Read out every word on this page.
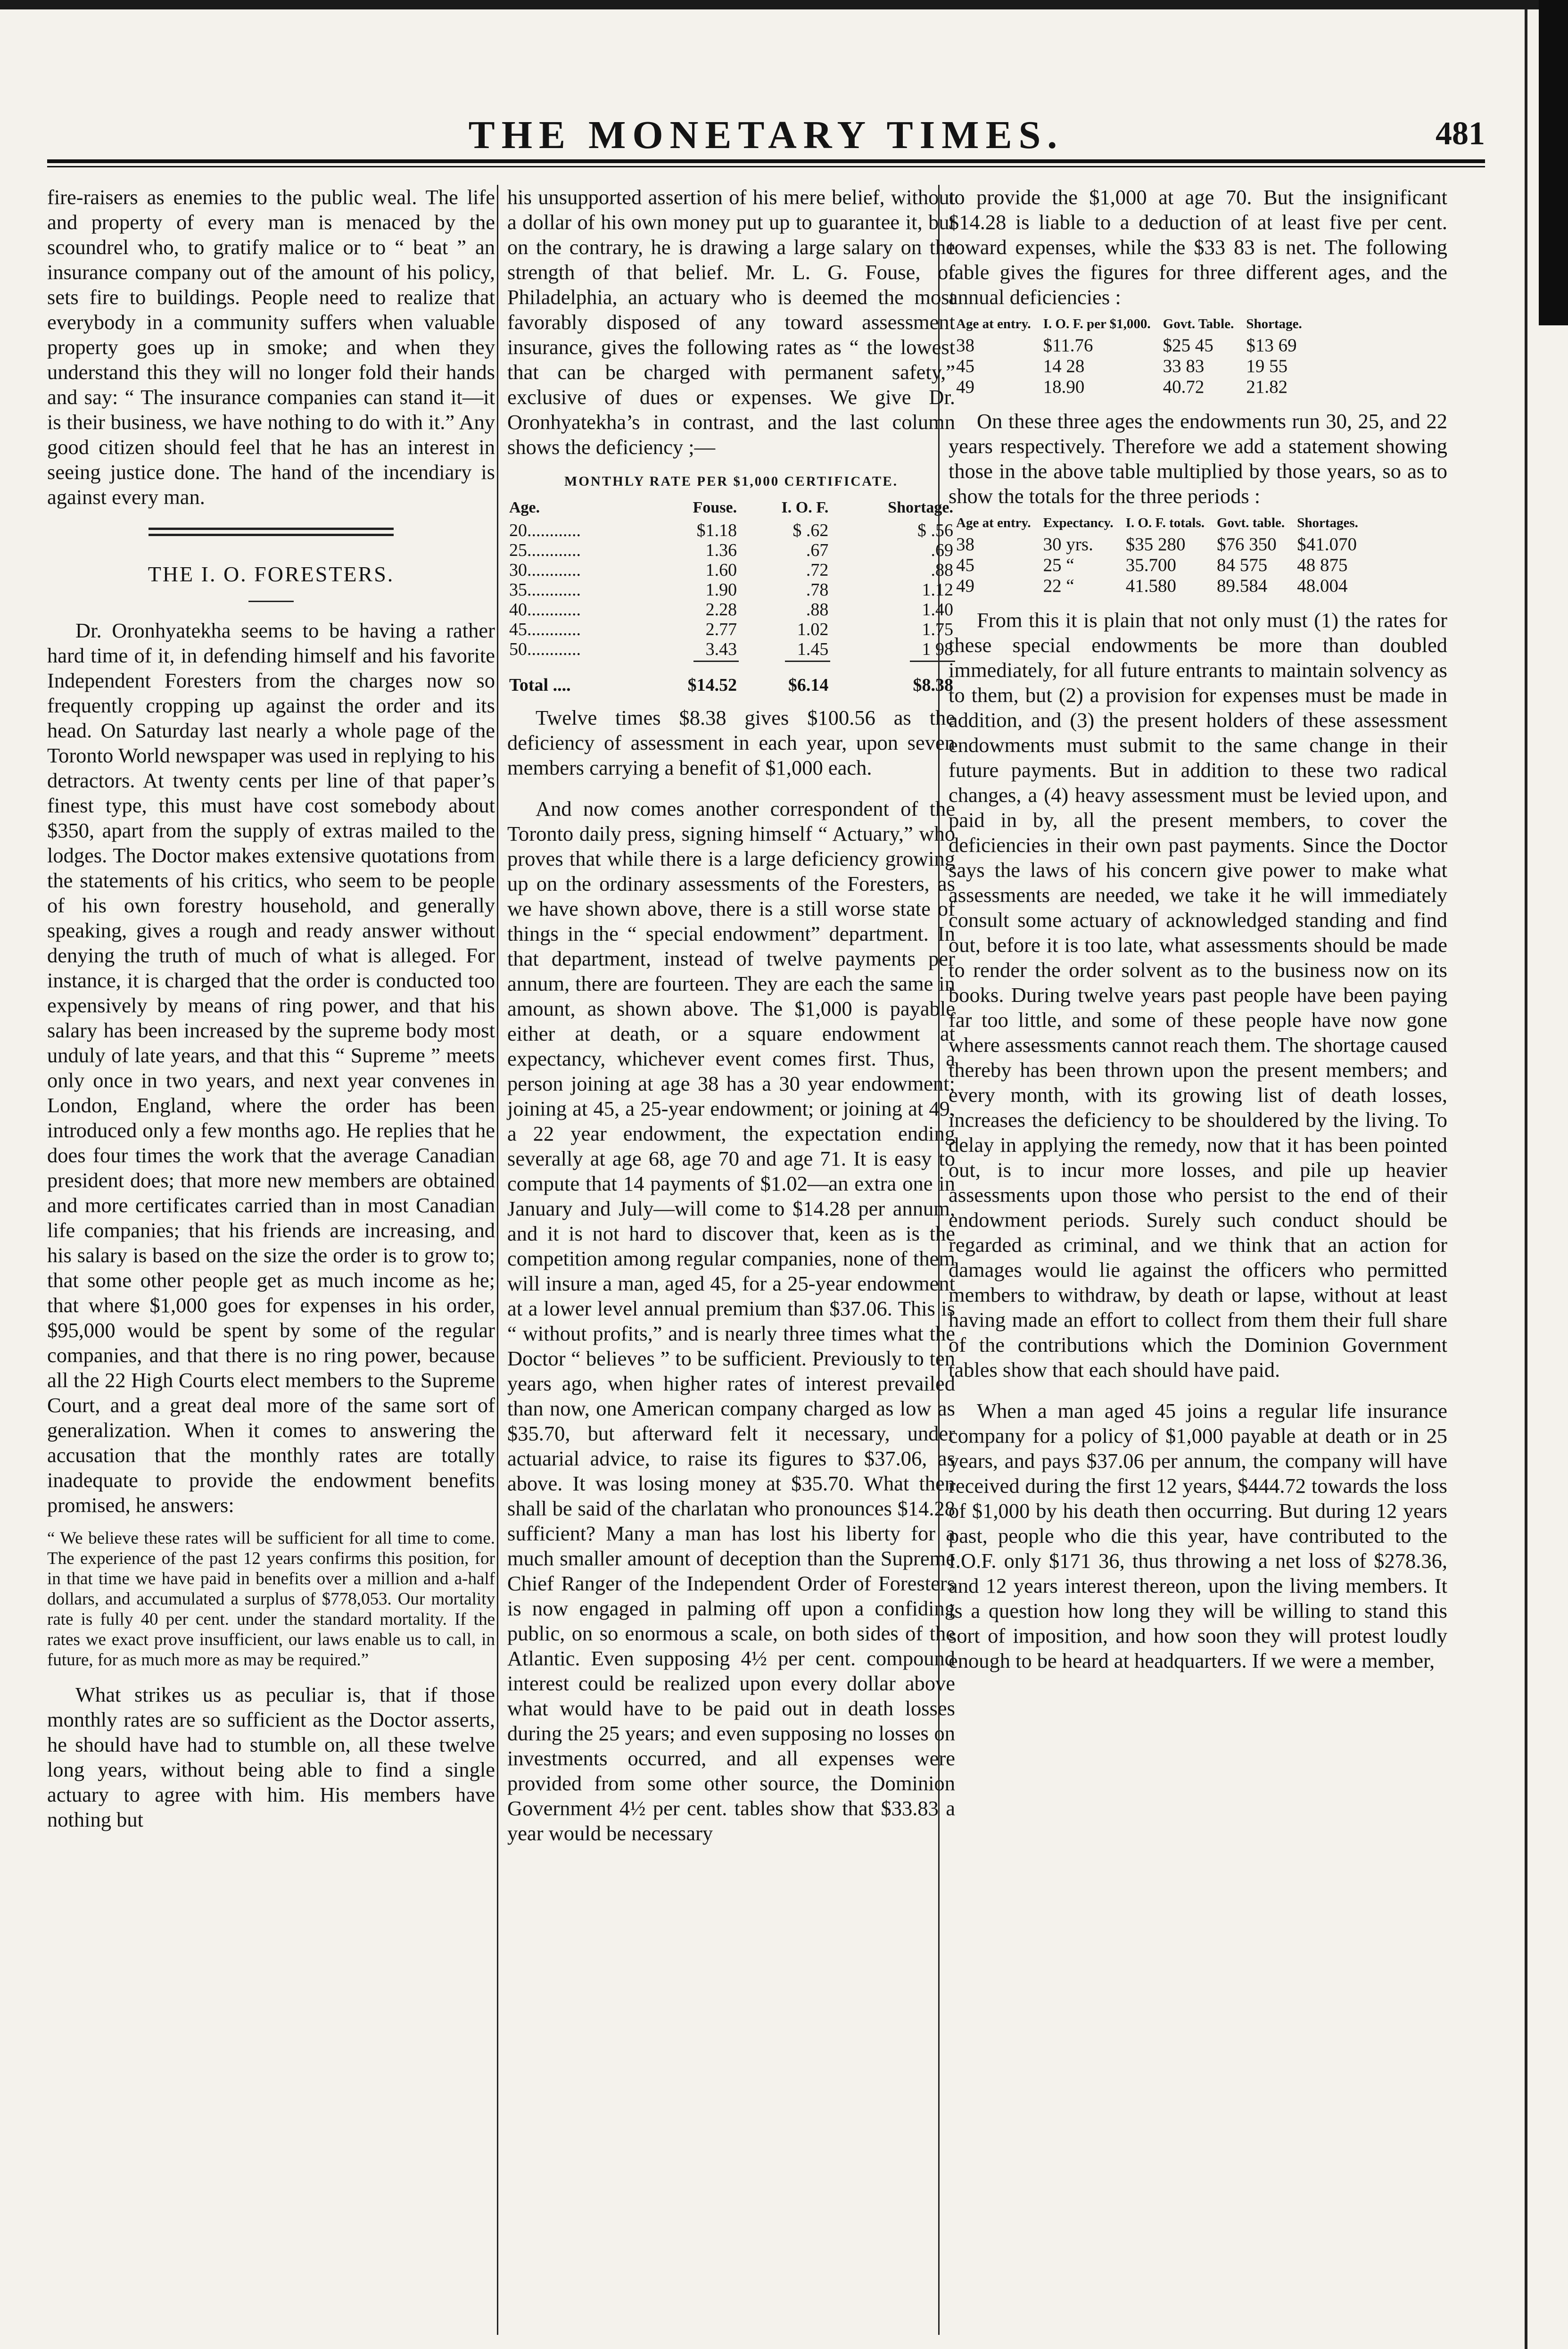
THE MONETARY TIMES.	481

fire-raisers as enemies to the public weal. The life and property of every man is menaced by the scoundrel who, to gratify malice or to “ beat ” an insurance company out of the amount of his policy, sets fire to buildings. People need to realize that everybody in a community suffers when valuable property goes up in smoke; and when they understand this they will no longer fold their hands and say: “ The insurance companies can stand it—it is their business, we have nothing to do with it.” Any good citizen should feel that he has an interest in seeing justice done. The hand of the incendiary is against every man.

THE I. O. FORESTERS.

Dr. Oronhyatekha seems to be having a rather hard time of it, in defending himself and his favorite Independent Foresters from the charges now so frequently cropping up against the order and its head. On Saturday last nearly a whole page of the Toronto World newspaper was used in replying to his detractors. At twenty cents per line of that paper’s finest type, this must have cost somebody about $350, apart from the supply of extras mailed to the lodges. The Doctor makes extensive quotations from the statements of his critics, who seem to be people of his own forestry household, and generally speaking, gives a rough and ready answer without denying the truth of much of what is alleged. For instance, it is charged that the order is conducted too expensively by means of ring power, and that his salary has been increased by the supreme body most unduly of late years, and that this “ Supreme ” meets only once in two years, and next year convenes in London, England, where the order has been introduced only a few months ago. He replies that he does four times the work that the average Canadian president does; that more new members are obtained and more certificates carried than in most Canadian life companies; that his friends are increasing, and his salary is based on the size the order is to grow to; that some other people get as much income as he; that where $1,000 goes for expenses in his order, $95,000 would be spent by some of the regular companies, and that there is no ring power, because all the 22 High Courts elect members to the Supreme Court, and a great deal more of the same sort of generalization. When it comes to answering the accusation that the monthly rates are totally inadequate to provide the endowment benefits promised, he answers:

“ We believe these rates will be sufficient for all time to come. The experience of the past 12 years confirms this position, for in that time we have paid in benefits over a million and a-half dollars, and accumulated a surplus of $778,053. Our mortality rate is fully 40 per cent. under the standard mortality. If the rates we exact prove insufficient, our laws enable us to call, in future, for as much more as may be required.”

What strikes us as peculiar is, that if those monthly rates are so sufficient as the Doctor asserts, he should have had to stumble on, all these twelve long years, without being able to find a single actuary to agree with him. His members have nothing but

his unsupported assertion of his mere belief, without a dollar of his own money put up to guarantee it, but on the contrary, he is drawing a large salary on the strength of that belief. Mr. L. G. Fouse, of Philadelphia, an actuary who is deemed the most favorably disposed of any toward assessment insurance, gives the following rates as “ the lowest that can be charged with permanent safety,” exclusive of dues or expenses. We give Dr. Oronhyatekha’s in contrast, and the last column shows the deficiency ;—

MONTHLY RATE PER $1,000 CERTIFICATE.
Age.	Fouse.	I. O. F.	Shortage.
20............	$1.18	$ .62	$ .56
25............	1.36	.67	.69
30............	1.60	.72	.88
35............	1.90	.78	1.12
40............	2.28	.88	1.40
45............	2.77	1.02	1.75
50............	3.43	1.45	1 98

Total ....	$14.52	$6.14	$8.38

Twelve times $8.38 gives $100.56 as the deficiency of assessment in each year, upon seven members carrying a benefit of $1,000 each.

And now comes another correspondent of the Toronto daily press, signing himself “ Actuary,” who proves that while there is a large deficiency growing up on the ordinary assessments of the Foresters, as we have shown above, there is a still worse state of things in the “ special endowment” department. In that department, instead of twelve payments per annum, there are fourteen. They are each the same in amount, as shown above. The $1,000 is payable either at death, or a square endowment at expectancy, whichever event comes first. Thus, a person joining at age 38 has a 30 year endowment; joining at 45, a 25-year endowment; or joining at 49, a 22 year endowment, the expectation ending severally at age 68, age 70 and age 71. It is easy to compute that 14 payments of $1.02—an extra one in January and July—will come to $14.28 per annum, and it is not hard to discover that, keen as is the competition among regular companies, none of them will insure a man, aged 45, for a 25-year endowment at a lower level annual premium than $37.06. This is “ without profits,” and is nearly three times what the Doctor “ believes ” to be sufficient. Previously to ten years ago, when higher rates of interest prevailed than now, one American company charged as low as $35.70, but afterward felt it necessary, under actuarial advice, to raise its figures to $37.06, as above. It was losing money at $35.70. What then shall be said of the charlatan who pronounces $14.28 sufficient? Many a man has lost his liberty for a much smaller amount of deception than the Supreme Chief Ranger of the Independent Order of Foresters is now engaged in palming off upon a confiding public, on so enormous a scale, on both sides of the Atlantic. Even supposing 4½ per cent. compound interest could be realized upon every dollar above what would have to be paid out in death losses during the 25 years; and even supposing no losses on investments occurred, and all expenses were provided from some other source, the Dominion Government 4½ per cent. tables show that $33.83 a year would be necessary

to provide the $1,000 at age 70. But the insignificant $14.28 is liable to a deduction of at least five per cent. toward expenses, while the $33 83 is net. The following table gives the figures for three different ages, and the annual deficiencies :

Age at entry.	I. O. F. per $1,000.	Govt. Table.	Shortage.
38	$11.76	$25 45	$13 69
45	14 28	33 83	19 55
49	18.90	40.72	21.82

On these three ages the endowments run 30, 25, and 22 years respectively. Therefore we add a statement showing those in the above table multiplied by those years, so as to show the totals for the three periods :

Age at entry.	Expectancy.	I. O. F. totals.	Govt. table.	Shortages.
38	30 yrs.	$35 280	$76 350	$41.070
45	25 “	35.700	84 575	48 875
49	22 “	41.580	89.584	48.004

From this it is plain that not only must (1) the rates for these special endowments be more than doubled immediately, for all future entrants to maintain solvency as to them, but (2) a provision for expenses must be made in addition, and (3) the present holders of these assessment endowments must submit to the same change in their future payments. But in addition to these two radical changes, a (4) heavy assessment must be levied upon, and paid in by, all the present members, to cover the deficiencies in their own past payments. Since the Doctor says the laws of his concern give power to make what assessments are needed, we take it he will immediately consult some actuary of acknowledged standing and find out, before it is too late, what assessments should be made to render the order solvent as to the business now on its books. During twelve years past people have been paying far too little, and some of these people have now gone where assessments cannot reach them. The shortage caused thereby has been thrown upon the present members; and every month, with its growing list of death losses, increases the deficiency to be shouldered by the living. To delay in applying the remedy, now that it has been pointed out, is to incur more losses, and pile up heavier assessments upon those who persist to the end of their endowment periods. Surely such conduct should be regarded as criminal, and we think that an action for damages would lie against the officers who permitted members to withdraw, by death or lapse, without at least having made an effort to collect from them their full share of the contributions which the Dominion Government tables show that each should have paid.

When a man aged 45 joins a regular life insurance company for a policy of $1,000 payable at death or in 25 years, and pays $37.06 per annum, the company will have received during the first 12 years, $444.72 towards the loss of $1,000 by his death then occurring. But during 12 years past, people who die this year, have contributed to the I.O.F. only $171 36, thus throwing a net loss of $278.36, and 12 years interest thereon, upon the living members. It is a question how long they will be willing to stand this sort of imposition, and how soon they will protest loudly enough to be heard at headquarters. If we were a member,
